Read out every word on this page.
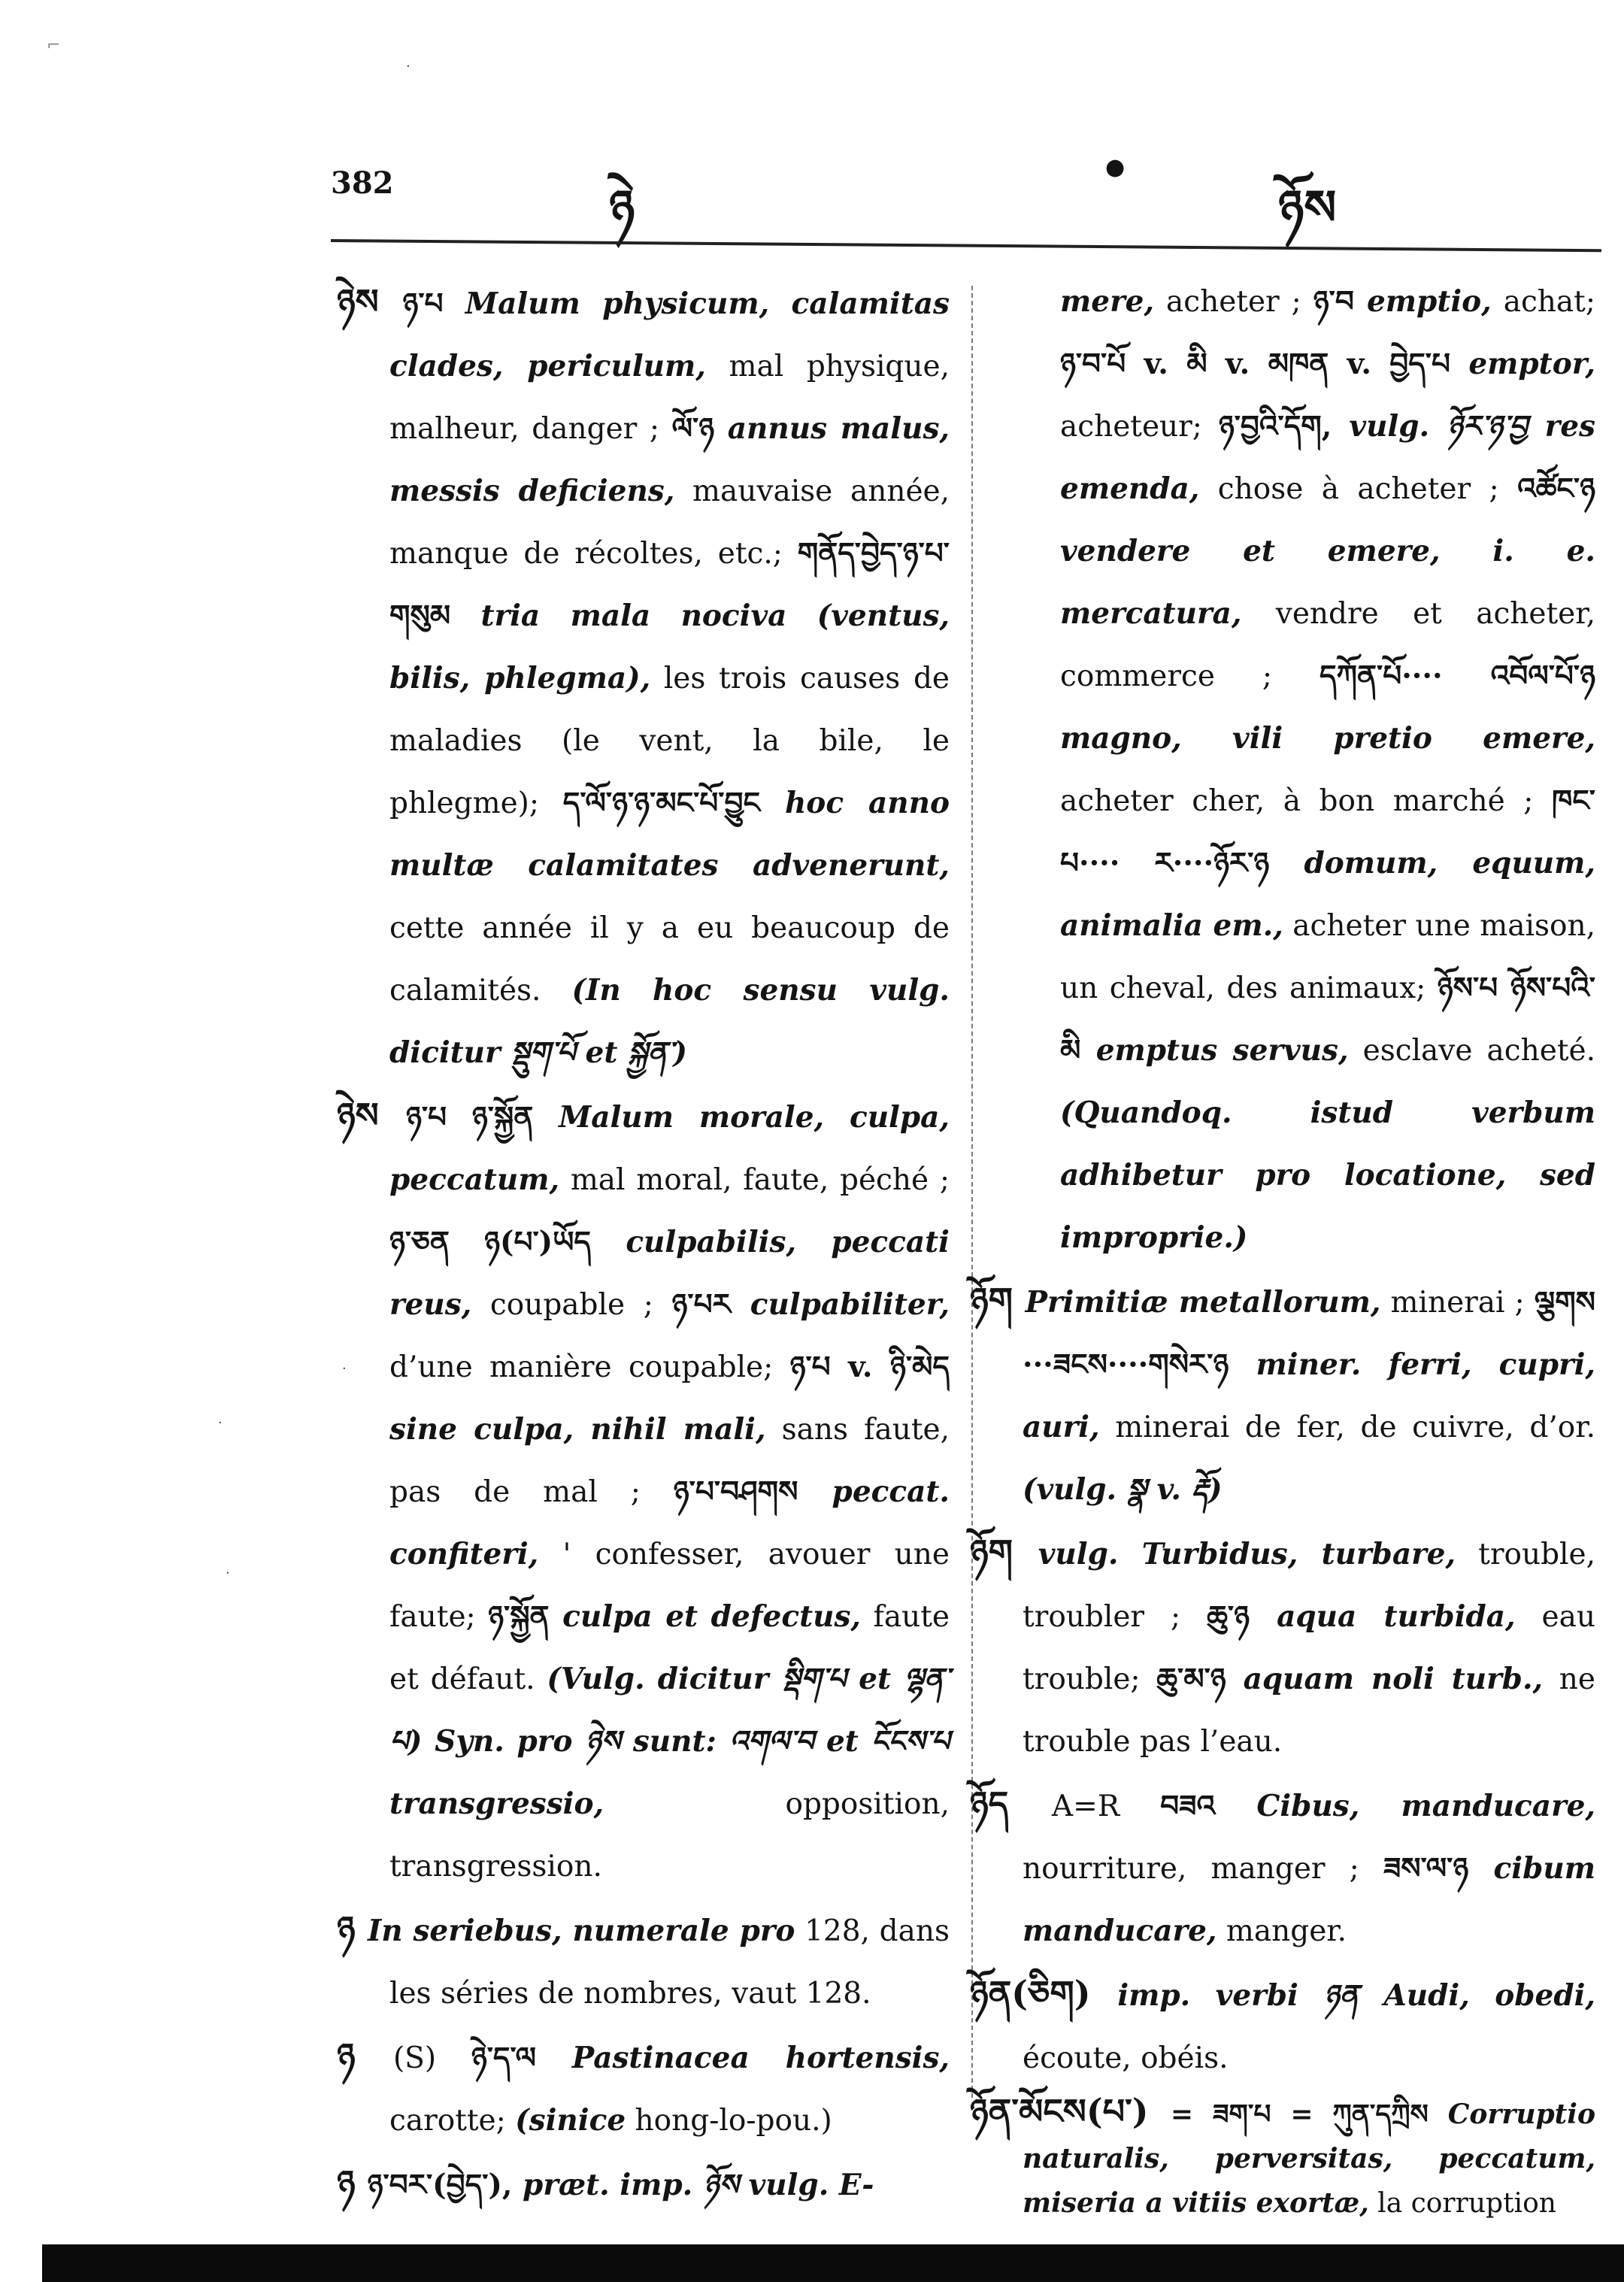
⌐
·
·
·
·
382	ཉེ
●
ཉོས

ཉེས ཉ་པ Malum physicum, calamitas clades, periculum, mal physique, malheur, danger ; ལོ་ཉ annus malus, messis deficiens, mauvaise année, manque de récoltes, etc.; གནོད་བྱེད་ཉ་པ་གསུམ tria mala nociva (ventus, bilis, phlegma), les trois causes de maladies (le vent, la bile, le phlegme); ད་ལོ་ཉ་ཉ་མང་པོ་བྱུང hoc anno multæ calamitates advenerunt, cette année il y a eu beaucoup de calamités. (In hoc sensu vulg. dicitur སྡུག་པོ et སྐྱོན་)

ཉེས ཉ་པ ཉ་སྐྱོན Malum morale, culpa, peccatum, mal moral, faute, péché ; ཉ་ཅན ཉ(པ་)ཡོད culpabilis, peccati reus, coupable ; ཉ་པར culpabiliter, d’une manière coupable; ཉ་པ v. ཉི་མེད sine culpa, nihil mali, sans faute, pas de mal ; ཉ་པ་བཤགས peccat. confiteri, ' confesser, avouer une faute; ཉ་སྐྱོན culpa et defectus, faute et défaut. (Vulg. dicitur སྡིག་པ et ལྷན་པ) Syn. pro ཉེས sunt: འགལ་བ et ངོངས་པ transgressio, opposition, transgression.

ཉ In seriebus, numerale pro 128, dans les séries de nombres, vaut 128.

ཉ (S) ཉེ་ད་ལ Pastinacea hortensis, carotte; (sinice hong-lo-pou.)

ཉ ཉ་བར་(བྱེད་), præt. imp. ཉོས vulg. E-

mere, acheter ; ཉ་བ emptio, achat; ཉ་བ་པོ v. མི v. མཁན v. བྱེད་པ emptor, acheteur; ཉ་བྱའི་དོག, vulg. ཉོར་ཉ་བྱ res emenda, chose à acheter ; འཚོང་ཉ vendere et emere, i. e. mercatura, vendre et acheter, commerce ; དཀོན་པོ···· འབོལ་པོ་ཉ magno, vili pretio emere, acheter cher, à bon marché ; ཁང་པ···· ར····ཉོར་ཉ domum, equum, animalia em., acheter une maison, un cheval, des animaux; ཉོས་པ ཉོས་པའི་མི emptus servus, esclave acheté. (Quandoq. istud verbum adhibetur pro locatione, sed improprie.)

ཉོག Primitiæ metallorum, minerai ; ལྕགས ···ཟངས····གསེར་ཉ miner. ferri, cupri, auri, minerai de fer, de cuivre, d’or. (vulg. སྣ v. རྡོ)

ཉོག vulg. Turbidus, turbare, trouble, troubler ; ཆུ་ཉ aqua turbida, eau trouble; ཆུ་མ་ཉ aquam noli turb., ne trouble pas l’eau.

ཉོད A=R བཟའ Cibus, manducare, nourriture, manger ; ཟས་ལ་ཉ cibum manducare, manger.

ཉོན(ཅིག) imp. verbi ཉན Audi, obedi, écoute, obéis.

ཉོན་མོངས(པ་) = ཟག་པ = ཀུན་དཀྲིས Corruptio naturalis, perversitas, peccatum, miseria a vitiis exortæ, la corruption
